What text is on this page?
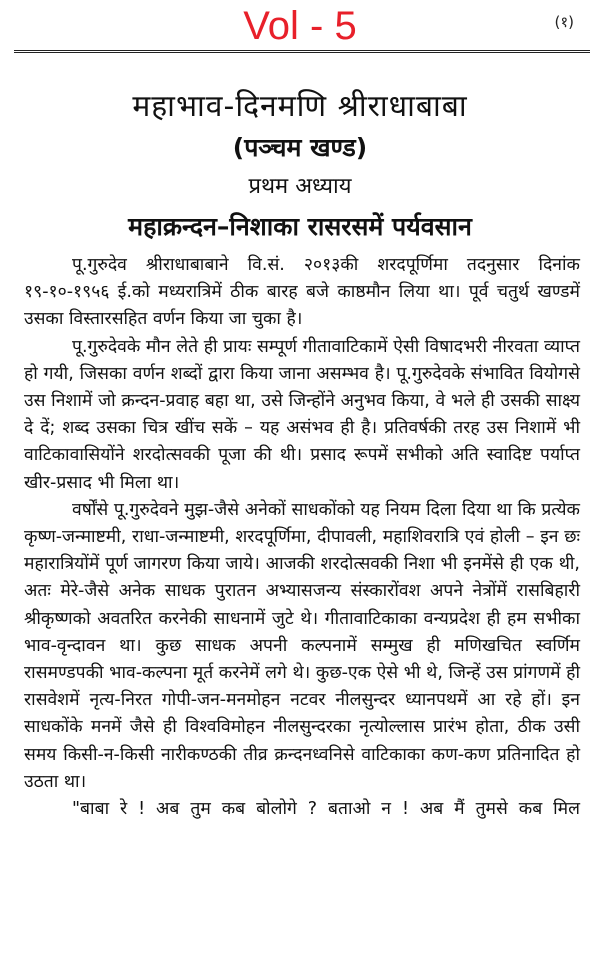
Vol - 5	(१)
महाभाव-दिनमणि श्रीराधाबाबा
(पञ्चम खण्ड)
प्रथम अध्याय
महाक्रन्दन–निशाका रासरसमें पर्यवसान

पू.गुरुदेव श्रीराधाबाबाने वि.सं. २०१३की शरदपूर्णिमा तदनुसार दिनांक १९-१०-१९५६ ई.को मध्यरात्रिमें ठीक बारह बजे काष्ठमौन लिया था। पूर्व चतुर्थ खण्डमें उसका विस्तारसहित वर्णन किया जा चुका है।

पू.गुरुदेवके मौन लेते ही प्रायः सम्पूर्ण गीतावाटिकामें ऐसी विषादभरी नीरवता व्याप्त हो गयी, जिसका वर्णन शब्दों द्वारा किया जाना असम्भव है। पू.गुरुदेवके संभावित वियोगसे उस निशामें जो क्रन्दन-प्रवाह बहा था, उसे जिन्होंने अनुभव किया, वे भले ही उसकी साक्ष्य दे दें; शब्द उसका चित्र खींच सकें – यह असंभव ही है। प्रतिवर्षकी तरह उस निशामें भी वाटिकावासियोंने शरदोत्सवकी पूजा की थी। प्रसाद रूपमें सभीको अति स्वादिष्ट पर्याप्त खीर-प्रसाद भी मिला था।

वर्षोंसे पू.गुरुदेवने मुझ-जैसे अनेकों साधकोंको यह नियम दिला दिया था कि प्रत्येक कृष्ण-जन्माष्टमी, राधा-जन्माष्टमी, शरदपूर्णिमा, दीपावली, महाशिवरात्रि एवं होली – इन छः महारात्रियोंमें पूर्ण जागरण किया जाये। आजकी शरदोत्सवकी निशा भी इनमेंसे ही एक थी, अतः मेरे-जैसे अनेक साधक पुरातन अभ्यासजन्य संस्कारोंवश अपने नेत्रोंमें रासबिहारी श्रीकृष्णको अवतरित करनेकी साधनामें जुटे थे। गीतावाटिकाका वन्यप्रदेश ही हम सभीका भाव-वृन्दावन था। कुछ साधक अपनी कल्पनामें सम्मुख ही मणिखचित स्वर्णिम रासमण्डपकी भाव-कल्पना मूर्त करनेमें लगे थे। कुछ-एक ऐसे भी थे, जिन्हें उस प्रांगणमें ही रासवेशमें नृत्य-निरत गोपी-जन-मनमोहन नटवर नीलसुन्दर ध्यानपथमें आ रहे हों। इन साधकोंके मनमें जैसे ही विश्वविमोहन नीलसुन्दरका नृत्योल्लास प्रारंभ होता, ठीक उसी समय किसी-न-किसी नारीकण्ठकी तीव्र क्रन्दनध्वनिसे वाटिकाका कण-कण प्रतिनादित हो उठता था।

"बाबा रे ! अब तुम कब बोलोगे ? बताओ न ! अब मैं तुमसे कब मिल
